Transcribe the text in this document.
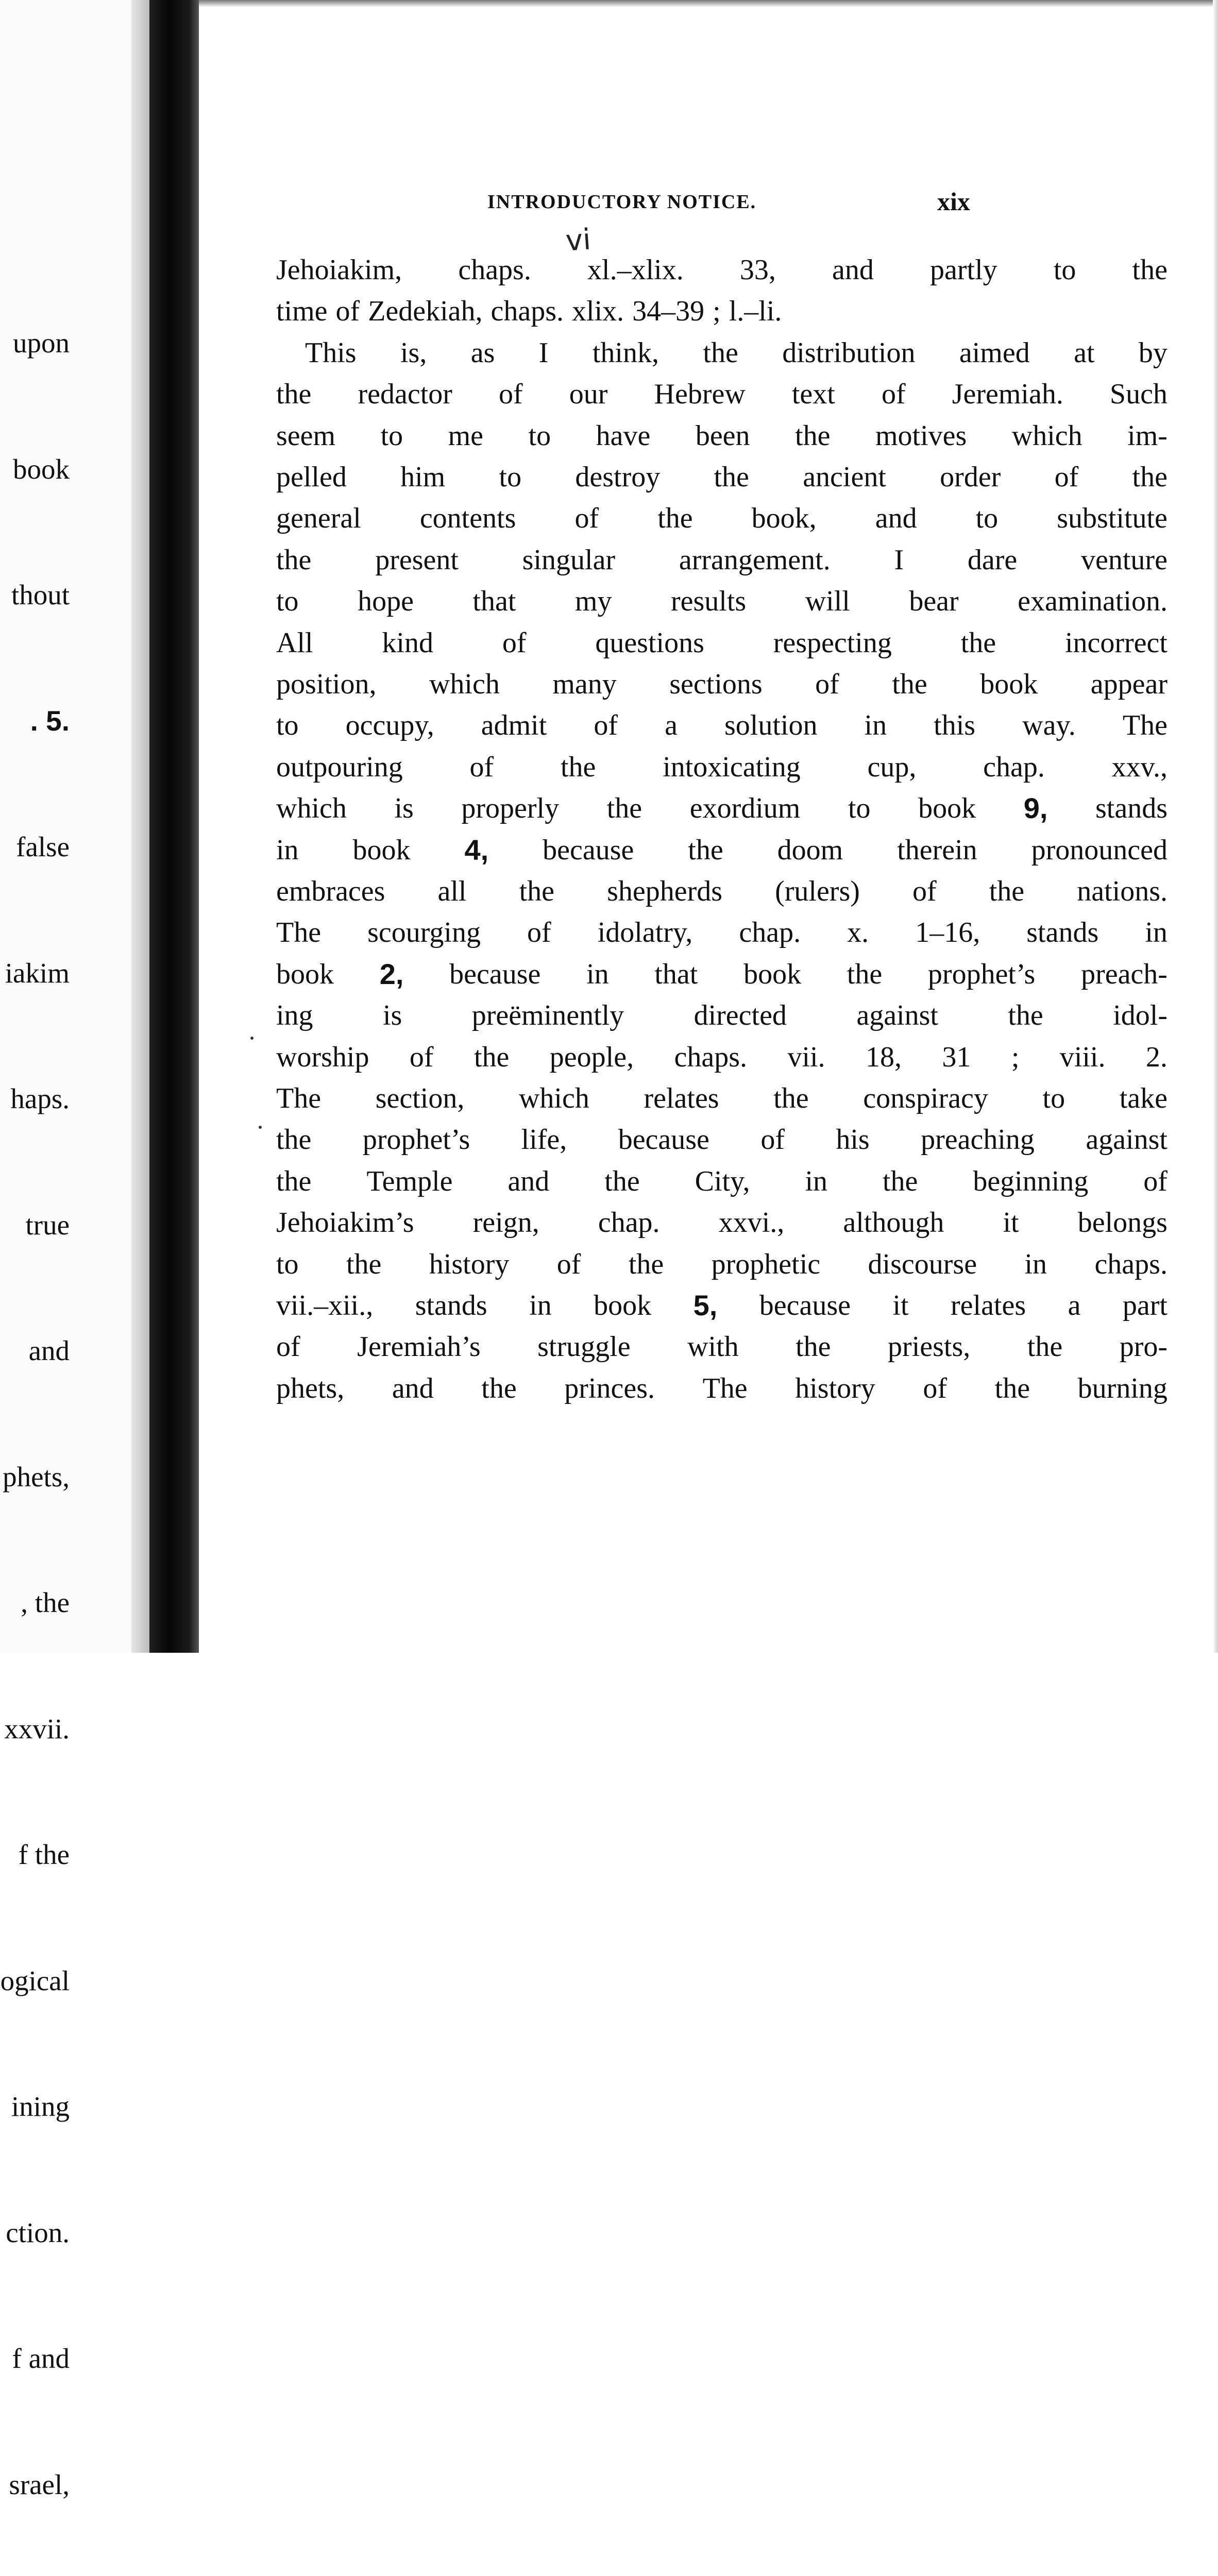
upon

book

thout

. 5.

false

iakim

haps.

true

and

phets,

, the

xxvii.

f the

ogical

ining

ction.

f and

srael,

INTRODUCTORY NOTICE.	xix
vi
Jehoiakim, chaps. xl.–xlix. 33, and partly to the
time of Zedekiah, chaps. xlix. 34–39 ; l.–li.
This is, as I think, the distribution aimed at by
the redactor of our Hebrew text of Jeremiah. Such
seem to me to have been the motives which im-
pelled him to destroy the ancient order of the
general contents of the book, and to substitute
the present singular arrangement. I dare venture
to hope that my results will bear examination.
All kind of questions respecting the incorrect
position, which many sections of the book appear
to occupy, admit of a solution in this way. The
outpouring of the intoxicating cup, chap. xxv.,
which is properly the exordium to book 9, stands
in book 4, because the doom therein pronounced
embraces all the shepherds (rulers) of the nations.
The scourging of idolatry, chap. x. 1–16, stands in
book 2, because in that book the prophet’s preach-
ing is preëminently directed against the idol-
worship of the people, chaps. vii. 18, 31 ; viii. 2.
The section, which relates the conspiracy to take
the prophet’s life, because of his preaching against
the Temple and the City, in the beginning of
Jehoiakim’s reign, chap. xxvi., although it belongs
to the history of the prophetic discourse in chaps.
vii.–xii., stands in book 5, because it relates a part
of Jeremiah’s struggle with the priests, the pro-
phets, and the princes. The history of the burning
